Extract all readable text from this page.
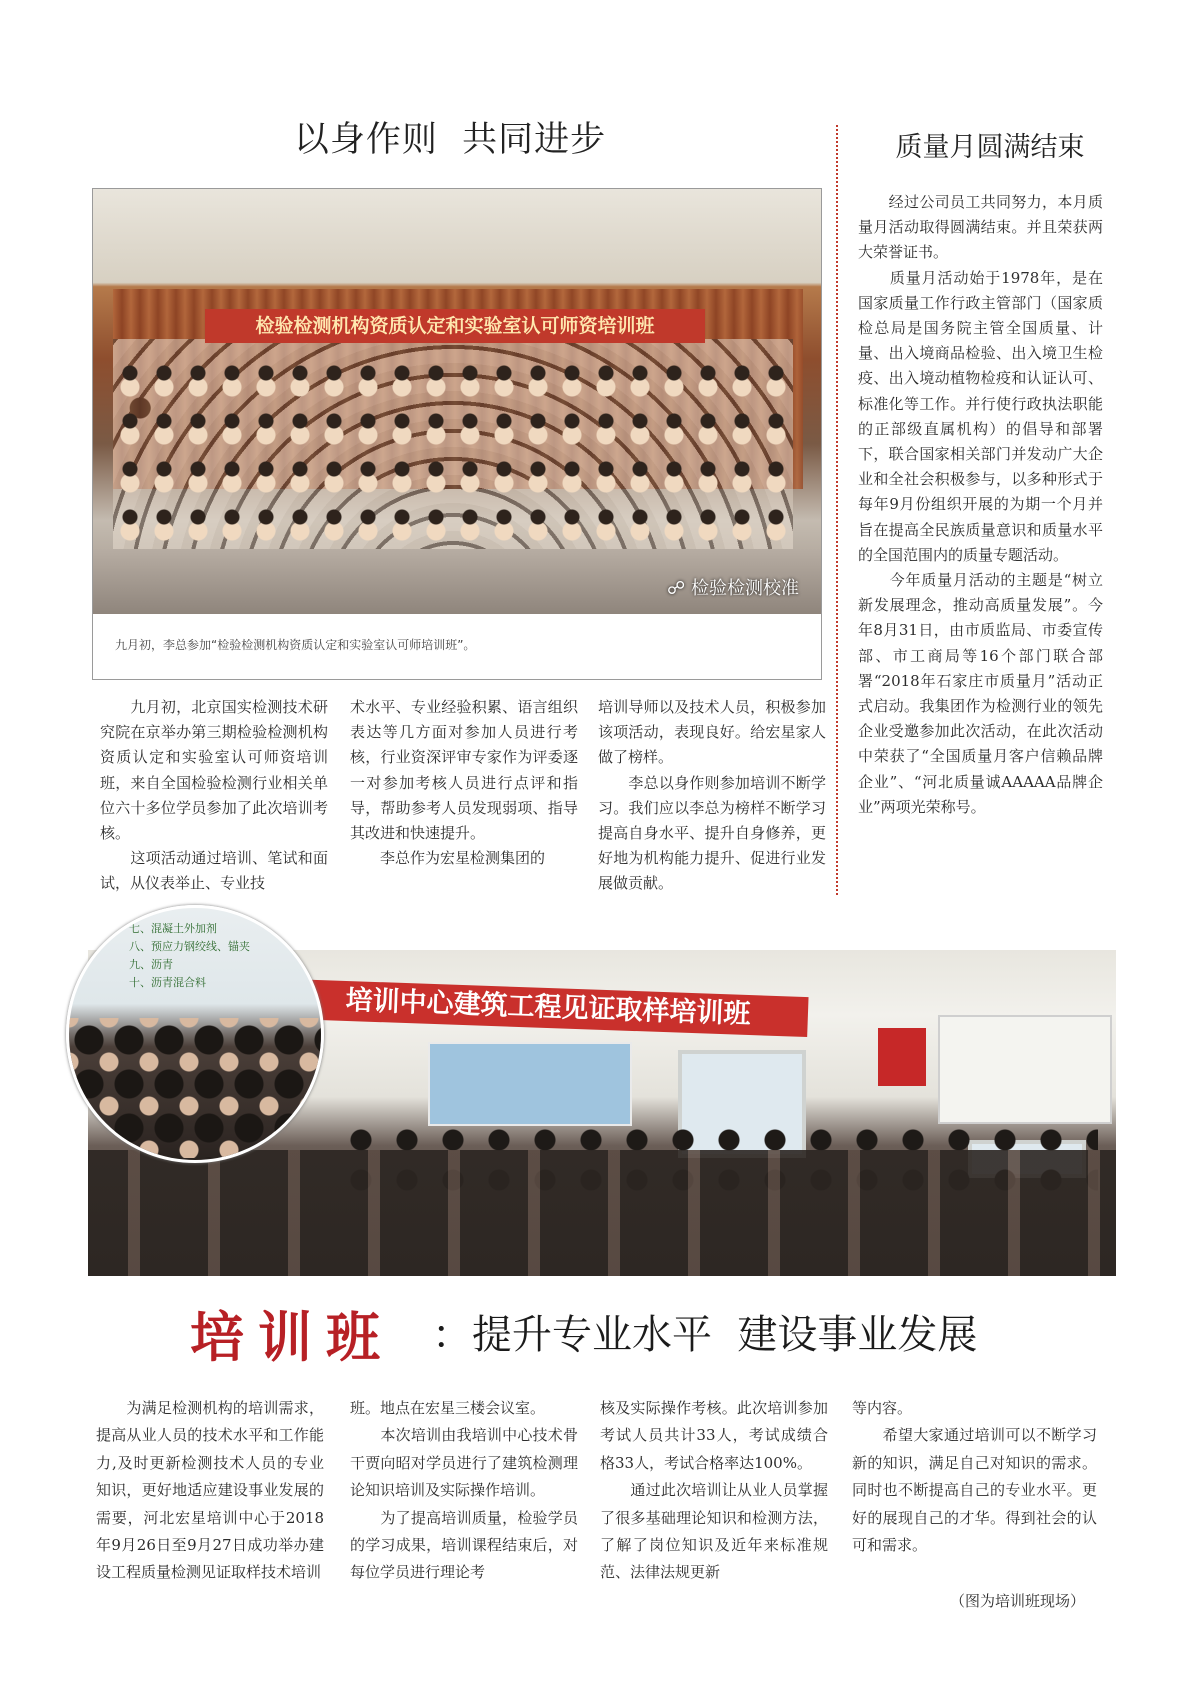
以身作则  共同进步	质量月圆满结束
检验检测机构资质认定和实验室认可师资培训班
☍ 检验检测校准
九月初，李总参加“检验检测机构资质认定和实验室认可师培训班”。
　　九月初，北京国实检测技术研究院在京举办第三期检验检测机构资质认定和实验室认可师资培训班，来自全国检验检测行业相关单位六十多位学员参加了此次培训考核。
　　这项活动通过培训、笔试和面试，从仪表举止、专业技
术水平、专业经验积累、语言组织表达等几方面对参加人员进行考核，行业资深评审专家作为评委逐一对参加考核人员进行点评和指导，帮助参考人员发现弱项、指导其改进和快速提升。
　　李总作为宏星检测集团的
培训导师以及技术人员，积极参加该项活动，表现良好。给宏星家人做了榜样。
　　李总以身作则参加培训不断学习。我们应以李总为榜样不断学习提高自身水平、提升自身修养，更好地为机构能力提升、促进行业发展做贡献。
　　经过公司员工共同努力，本月质量月活动取得圆满结束。并且荣获两大荣誉证书。
　　质量月活动始于1978年，是在国家质量工作行政主管部门（国家质检总局是国务院主管全国质量、计量、出入境商品检验、出入境卫生检疫、出入境动植物检疫和认证认可、标准化等工作。并行使行政执法职能的正部级直属机构）的倡导和部署下，联合国家相关部门并发动广大企业和全社会积极参与，以多种形式于每年9月份组织开展的为期一个月并旨在提高全民族质量意识和质量水平的全国范围内的质量专题活动。
　　今年质量月活动的主题是“树立新发展理念，推动高质量发展”。今年8月31日，由市质监局、市委宣传部、市工商局等16个部门联合部署“2018年石家庄市质量月”活动正式启动。我集团作为检测行业的领先企业受邀参加此次活动，在此次活动中荣获了“全国质量月客户信赖品牌企业”、“河北质量诚AAAAA品牌企业”两项光荣称号。
培训中心建筑工程见证取样培训班
七、混凝土外加剂
八、预应力钢绞线、锚夹
九、沥青
十、沥青混合料
培训班 ：提升专业水平  建设事业发展
　　为满足检测机构的培训需求，提高从业人员的技术水平和工作能力,及时更新检测技术人员的专业知识，更好地适应建设事业发展的需要，河北宏星培训中心于2018年9月26日至9月27日成功举办建设工程质量检测见证取样技术培训
班。地点在宏星三楼会议室。
　　本次培训由我培训中心技术骨干贾向昭对学员进行了建筑检测理论知识培训及实际操作培训。
　　为了提高培训质量，检验学员的学习成果，培训课程结束后，对每位学员进行理论考
核及实际操作考核。此次培训参加考试人员共计33人，考试成绩合格33人，考试合格率达100%。
　　通过此次培训让从业人员掌握了很多基础理论知识和检测方法，了解了岗位知识及近年来标准规范、法律法规更新
等内容。
　　希望大家通过培训可以不断学习新的知识，满足自己对知识的需求。同时也不断提高自己的专业水平。更好的展现自己的才华。得到社会的认可和需求。
（图为培训班现场）
